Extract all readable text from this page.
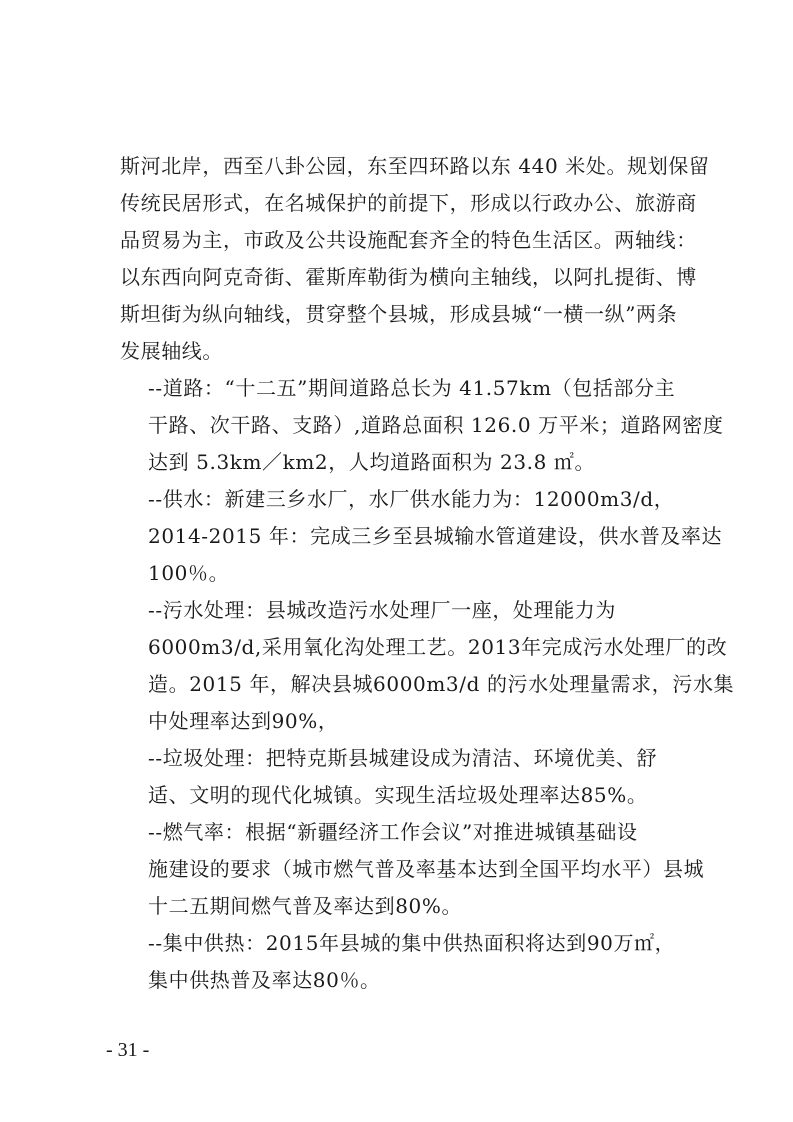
斯河北岸，西至八卦公园，东至四环路以东 440 米处。规划保留
传统民居形式，在名城保护的前提下，形成以行政办公、旅游商
品贸易为主，市政及公共设施配套齐全的特色生活区。两轴线：
以东西向阿克奇街、霍斯库勒街为横向主轴线，以阿扎提街、博
斯坦街为纵向轴线，贯穿整个县城，形成县城“一横一纵”两条
发展轴线。

--道路：“十二五”期间道路总长为 41.57km（包括部分主
干路、次干路、支路）,道路总面积 126.0 万平米；道路网密度
达到 5.3km／km2，人均道路面积为 23.8 ㎡。

--供水：新建三乡水厂，水厂供水能力为：12000m3/d，
2014-2015 年：完成三乡至县城输水管道建设，供水普及率达
100％。

--污水处理：县城改造污水处理厂一座，处理能力为
6000m3/d,采用氧化沟处理工艺。2013年完成污水处理厂的改
造。2015 年，解决县城6000m3/d 的污水处理量需求，污水集
中处理率达到90%，

--垃圾处理：把特克斯县城建设成为清洁、环境优美、舒
适、文明的现代化城镇。实现生活垃圾处理率达85%。

--燃气率：根据“新疆经济工作会议”对推进城镇基础设
施建设的要求（城市燃气普及率基本达到全国平均水平）县城
十二五期间燃气普及率达到80%。

--集中供热：2015年县城的集中供热面积将达到90万㎡，
集中供热普及率达80％。

- 31 -
